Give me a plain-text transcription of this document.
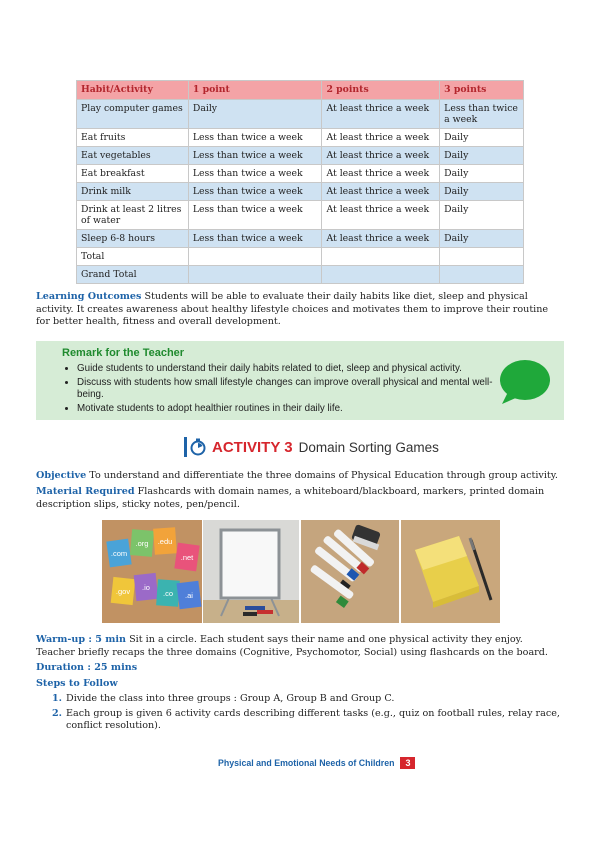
Habit/Activity	1 point	2 points	3 points
Play computer games	Daily	At least thrice a week	Less than twice a week
Eat fruits	Less than twice a week	At least thrice a week	Daily
Eat vegetables	Less than twice a week	At least thrice a week	Daily
Eat breakfast	Less than twice a week	At least thrice a week	Daily
Drink milk	Less than twice a week	At least thrice a week	Daily
Drink at least 2 litres of water	Less than twice a week	At least thrice a week	Daily
Sleep 6-8 hours	Less than twice a week	At least thrice a week	Daily
Total			
Grand Total			

Learning Outcomes Students will be able to evaluate their daily habits like diet, sleep and physical activity. It creates awareness about healthy lifestyle choices and motivates them to improve their routine for better health, fitness and overall development.

Remark for the Teacher
• Guide students to understand their daily habits related to diet, sleep and physical activity.
• Discuss with students how small lifestyle changes can improve overall physical and mental well-being.
• Motivate students to adopt healthier routines in their daily life.
ACTIVITY 3 Domain Sorting Games

Objective To understand and differentiate the three domains of Physical Education through group activity.

Material Required Flashcards with domain names, a whiteboard/blackboard, markers, printed domain description slips, sticky notes, pen/pencil.

.com
.org .edu
.net
.gov .io
.co .ai

Warm-up : 5 min Sit in a circle. Each student says their name and one physical activity they enjoy. Teacher briefly recaps the three domains (Cognitive, Psychomotor, Social) using flashcards on the board.

Duration : 25 mins
Steps to Follow
1. Divide the class into three groups : Group A, Group B and Group C.
2. Each group is given 6 activity cards describing different tasks (e.g., quiz on football rules, relay race, conflict resolution).
Physical and Emotional Needs of Children	3
